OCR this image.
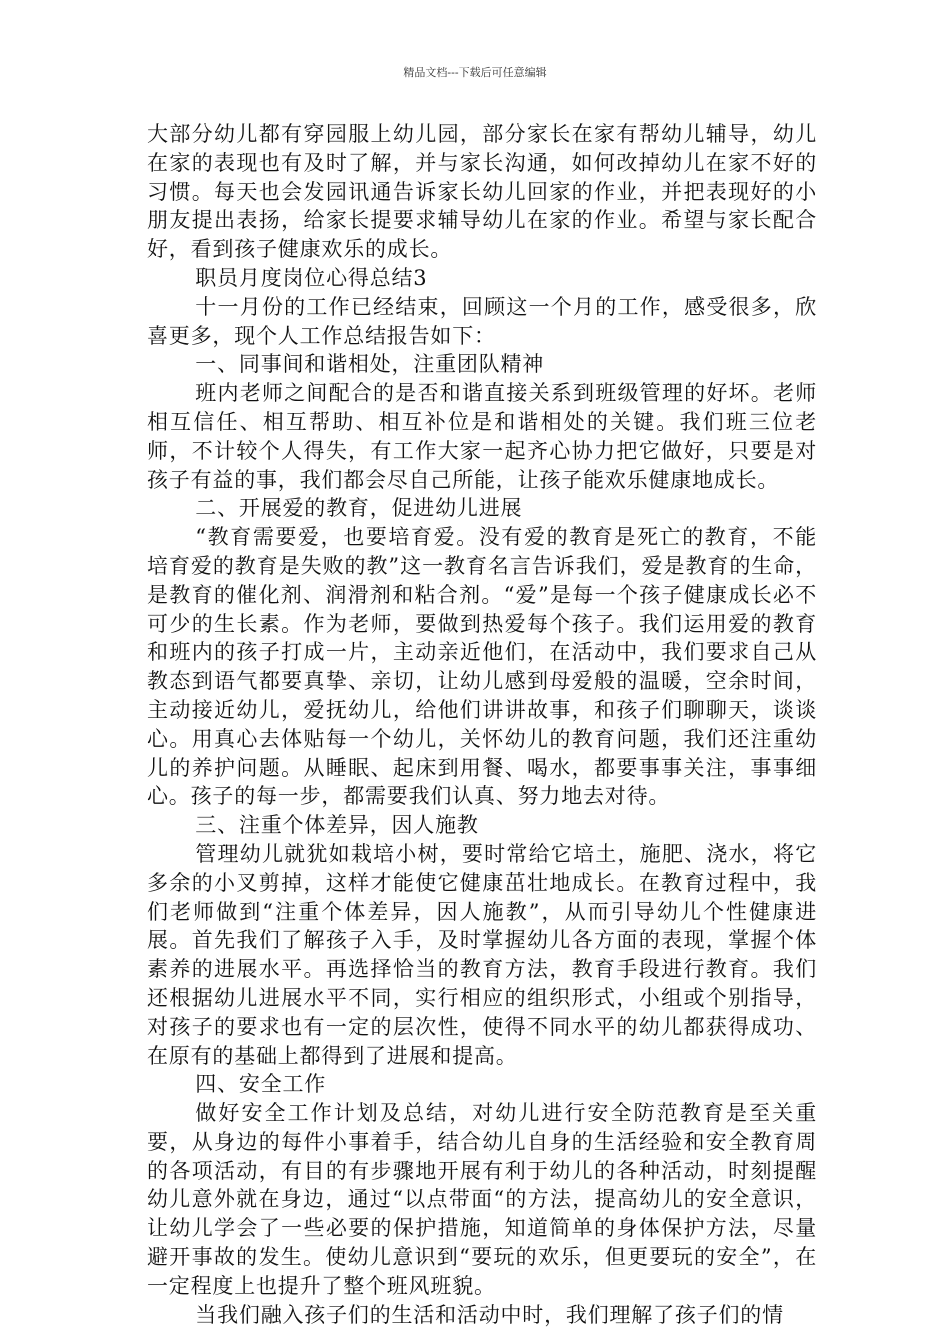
精品文档---下载后可任意编辑

大部分幼儿都有穿园服上幼儿园，部分家长在家有帮幼儿辅导，幼儿在家的表现也有及时了解，并与家长沟通，如何改掉幼儿在家不好的习惯。每天也会发园讯通告诉家长幼儿回家的作业，并把表现好的小朋友提出表扬，给家长提要求辅导幼儿在家的作业。希望与家长配合好，看到孩子健康欢乐的成长。

职员月度岗位心得总结3

十一月份的工作已经结束，回顾这一个月的工作，感受很多，欣喜更多，现个人工作总结报告如下：

一、同事间和谐相处，注重团队精神

班内老师之间配合的是否和谐直接关系到班级管理的好坏。老师相互信任、相互帮助、相互补位是和谐相处的关键。我们班三位老师，不计较个人得失，有工作大家一起齐心协力把它做好，只要是对孩子有益的事，我们都会尽自己所能，让孩子能欢乐健康地成长。

二、开展爱的教育，促进幼儿进展

“教育需要爱，也要培育爱。没有爱的教育是死亡的教育，不能培育爱的教育是失败的教”这一教育名言告诉我们，爱是教育的生命，是教育的催化剂、润滑剂和粘合剂。“爱”是每一个孩子健康成长必不可少的生长素。作为老师，要做到热爱每个孩子。我们运用爱的教育和班内的孩子打成一片，主动亲近他们，在活动中，我们要求自己从教态到语气都要真挚、亲切，让幼儿感到母爱般的温暖，空余时间，主动接近幼儿，爱抚幼儿，给他们讲讲故事，和孩子们聊聊天，谈谈心。用真心去体贴每一个幼儿，关怀幼儿的教育问题，我们还注重幼儿的养护问题。从睡眠、起床到用餐、喝水，都要事事关注，事事细心。孩子的每一步，都需要我们认真、努力地去对待。

三、注重个体差异，因人施教

管理幼儿就犹如栽培小树，要时常给它培土，施肥、浇水，将它多余的小叉剪掉，这样才能使它健康茁壮地成长。在教育过程中，我们老师做到“注重个体差异，因人施教”，从而引导幼儿个性健康进展。首先我们了解孩子入手，及时掌握幼儿各方面的表现，掌握个体素养的进展水平。再选择恰当的教育方法，教育手段进行教育。我们还根据幼儿进展水平不同，实行相应的组织形式，小组或个别指导，对孩子的要求也有一定的层次性，使得不同水平的幼儿都获得成功、在原有的基础上都得到了进展和提高。

四、安全工作

做好安全工作计划及总结，对幼儿进行安全防范教育是至关重要，从身边的每件小事着手，结合幼儿自身的生活经验和安全教育周的各项活动，有目的有步骤地开展有利于幼儿的各种活动，时刻提醒幼儿意外就在身边，通过“以点带面“的方法，提高幼儿的安全意识，让幼儿学会了一些必要的保护措施，知道简单的身体保护方法，尽量避开事故的发生。使幼儿意识到“要玩的欢乐，但更要玩的安全”，在一定程度上也提升了整个班风班貌。

当我们融入孩子们的生活和活动中时，我们理解了孩子们的情
